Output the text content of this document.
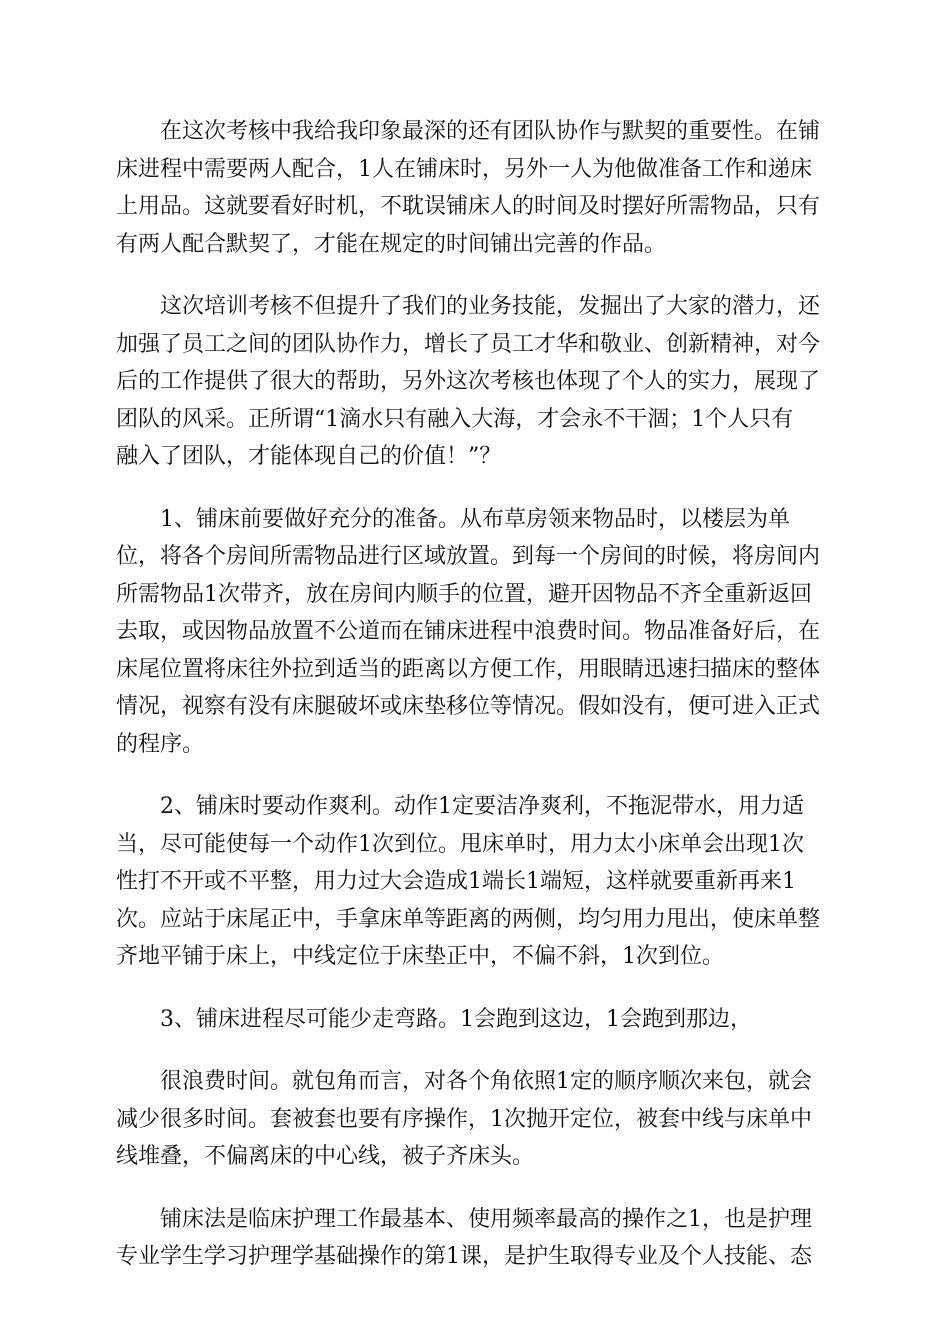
在这次考核中我给我印象最深的还有团队协作与默契的重要性。在铺
床进程中需要两人配合，1人在铺床时，另外一人为他做准备工作和递床
上用品。这就要看好时机，不耽误铺床人的时间及时摆好所需物品，只有
有两人配合默契了，才能在规定的时间铺出完善的作品。

这次培训考核不但提升了我们的业务技能，发掘出了大家的潜力，还
加强了员工之间的团队协作力，增长了员工才华和敬业、创新精神，对今
后的工作提供了很大的帮助，另外这次考核也体现了个人的实力，展现了
团队的风采。正所谓“1滴水只有融入大海，才会永不干涸；1个人只有
融入了团队，才能体现自己的价值！”？

1、铺床前要做好充分的准备。从布草房领来物品时，以楼层为单
位，将各个房间所需物品进行区域放置。到每一个房间的时候，将房间内
所需物品1次带齐，放在房间内顺手的位置，避开因物品不齐全重新返回
去取，或因物品放置不公道而在铺床进程中浪费时间。物品准备好后，在
床尾位置将床往外拉到适当的距离以方便工作，用眼睛迅速扫描床的整体
情况，视察有没有床腿破坏或床垫移位等情况。假如没有，便可进入正式
的程序。

2、铺床时要动作爽利。动作1定要洁净爽利，不拖泥带水，用力适
当，尽可能使每一个动作1次到位。甩床单时，用力太小床单会出现1次
性打不开或不平整，用力过大会造成1端长1端短，这样就要重新再来1
次。应站于床尾正中，手拿床单等距离的两侧，均匀用力甩出，使床单整
齐地平铺于床上，中线定位于床垫正中，不偏不斜，1次到位。

3、铺床进程尽可能少走弯路。1会跑到这边，1会跑到那边，

很浪费时间。就包角而言，对各个角依照1定的顺序顺次来包，就会
减少很多时间。套被套也要有序操作，1次抛开定位，被套中线与床单中
线堆叠，不偏离床的中心线，被子齐床头。

铺床法是临床护理工作最基本、使用频率最高的操作之1，也是护理
专业学生学习护理学基础操作的第1课，是护生取得专业及个人技能、态
